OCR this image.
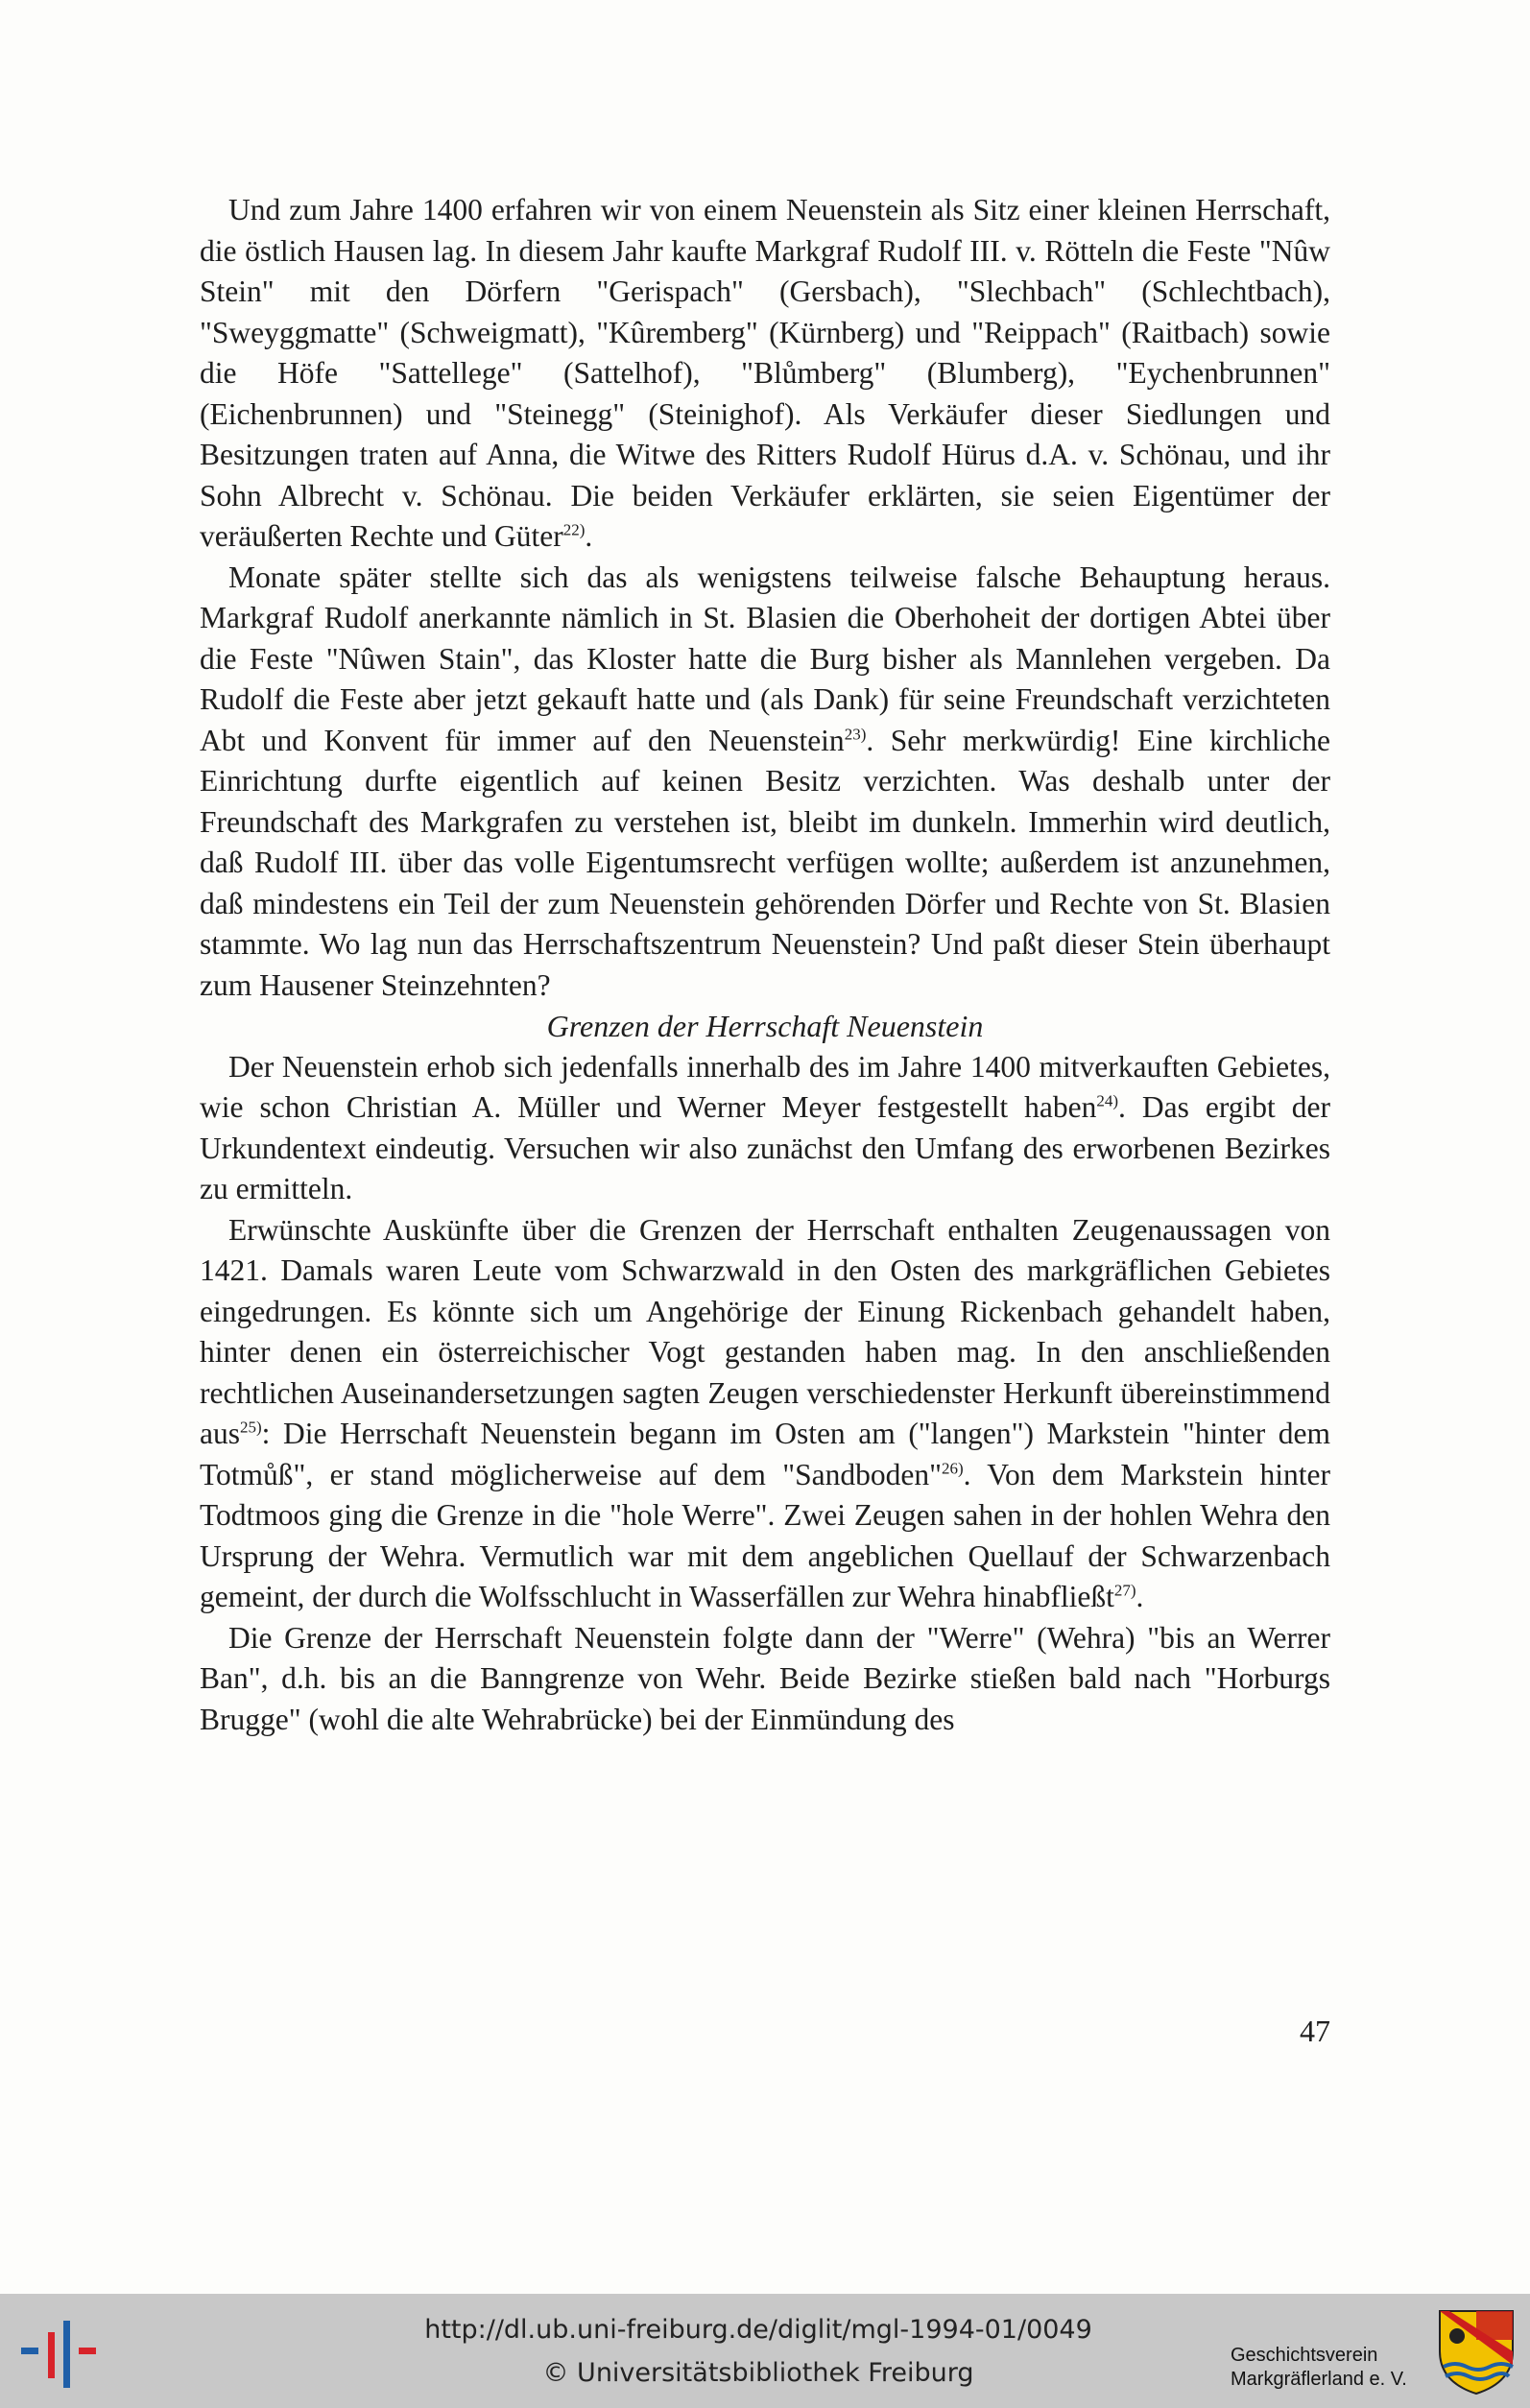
Und zum Jahre 1400 erfahren wir von einem Neuenstein als Sitz einer kleinen Herrschaft, die östlich Hausen lag. In diesem Jahr kaufte Markgraf Rudolf III. v. Rötteln die Feste "Nûw Stein" mit den Dörfern "Gerispach" (Gersbach), "Slechbach" (Schlechtbach), "Sweyggmatte" (Schweigmatt), "Kûremberg" (Kürnberg) und "Reippach" (Raitbach) sowie die Höfe "Sattellege" (Sattelhof), "Blůmberg" (Blumberg), "Eychenbrunnen" (Eichenbrunnen) und "Steinegg" (Steinighof). Als Verkäufer dieser Siedlungen und Besitzungen traten auf Anna, die Witwe des Ritters Rudolf Hürus d.A. v. Schönau, und ihr Sohn Albrecht v. Schönau. Die beiden Verkäufer erklärten, sie seien Eigentümer der veräußerten Rechte und Güter$^{22)}$.

Monate später stellte sich das als wenigstens teilweise falsche Behauptung heraus. Markgraf Rudolf anerkannte nämlich in St. Blasien die Oberhoheit der dortigen Abtei über die Feste "Nûwen Stain", das Kloster hatte die Burg bisher als Mannlehen vergeben. Da Rudolf die Feste aber jetzt gekauft hatte und (als Dank) für seine Freundschaft verzichteten Abt und Konvent für immer auf den Neuenstein$^{23)}$. Sehr merkwürdig! Eine kirchliche Einrichtung durfte eigentlich auf keinen Besitz verzichten. Was deshalb unter der Freundschaft des Markgrafen zu verstehen ist, bleibt im dunkeln. Immerhin wird deutlich, daß Rudolf III. über das volle Eigentumsrecht verfügen wollte; außerdem ist anzunehmen, daß mindestens ein Teil der zum Neuenstein gehörenden Dörfer und Rechte von St. Blasien stammte. Wo lag nun das Herrschaftszentrum Neuenstein? Und paßt dieser Stein überhaupt zum Hausener Steinzehnten?

Grenzen der Herrschaft Neuenstein

Der Neuenstein erhob sich jedenfalls innerhalb des im Jahre 1400 mitverkauften Gebietes, wie schon Christian A. Müller und Werner Meyer festgestellt haben$^{24)}$. Das ergibt der Urkundentext eindeutig. Versuchen wir also zunächst den Umfang des erworbenen Bezirkes zu ermitteln.

Erwünschte Auskünfte über die Grenzen der Herrschaft enthalten Zeugenaussagen von 1421. Damals waren Leute vom Schwarzwald in den Osten des markgräflichen Gebietes eingedrungen. Es könnte sich um Angehörige der Einung Rickenbach gehandelt haben, hinter denen ein österreichischer Vogt gestanden haben mag. In den anschließenden rechtlichen Auseinandersetzungen sagten Zeugen verschiedenster Herkunft übereinstimmend aus$^{25)}$: Die Herrschaft Neuenstein begann im Osten am ("langen") Markstein "hinter dem Totmůß", er stand möglicherweise auf dem "Sandboden"$^{26)}$. Von dem Markstein hinter Todtmoos ging die Grenze in die "hole Werre". Zwei Zeugen sahen in der hohlen Wehra den Ursprung der Wehra. Vermutlich war mit dem angeblichen Quellauf der Schwarzenbach gemeint, der durch die Wolfsschlucht in Wasserfällen zur Wehra hinabfließt$^{27)}$.

Die Grenze der Herrschaft Neuenstein folgte dann der "Werre" (Wehra) "bis an Werrer Ban", d.h. bis an die Banngrenze von Wehr. Beide Bezirke stießen bald nach "Horburgs Brugge" (wohl die alte Wehrabrücke) bei der Einmündung des

47
http://dl.ub.uni-freiburg.de/diglit/mgl-1994-01/0049
© Universitätsbibliothek Freiburg
Geschichtsverein
Markgräflerland e. V.
